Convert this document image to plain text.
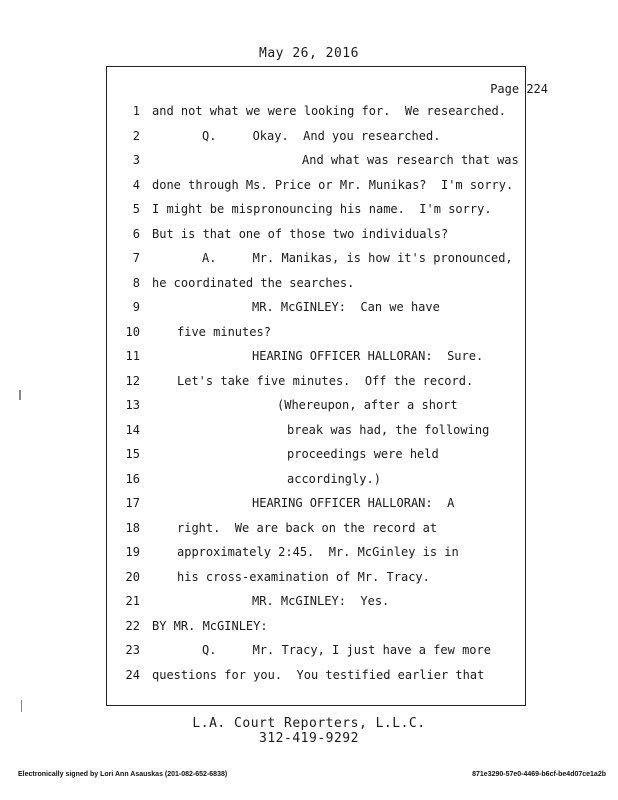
May 26, 2016
Page 224
1 and not what we were looking for.  We researched.
2	Q.     Okay.  And you researched.
3	And what was research that was
4 done through Ms. Price or Mr. Munikas?  I'm sorry.
5 I might be mispronouncing his name.  I'm sorry.
6 But is that one of those two individuals?
7	A.     Mr. Manikas, is how it's pronounced,
8 he coordinated the searches.
9	MR. McGINLEY:  Can we have
10	five minutes?
11	HEARING OFFICER HALLORAN:  Sure.
12	Let's take five minutes.  Off the record.
13	(Whereupon, after a short
14	break was had, the following
15	proceedings were held
16	accordingly.)
17	HEARING OFFICER HALLORAN:  A
18	right.  We are back on the record at
19	approximately 2:45.  Mr. McGinley is in
20	his cross-examination of Mr. Tracy.
21	MR. McGINLEY:  Yes.
22 BY MR. McGINLEY:
23	Q.     Mr. Tracy, I just have a few more
24 questions for you.  You testified earlier that
L.A. Court Reporters, L.L.C.
312-419-9292
Electronically signed by Lori Ann Asauskas (201-082-652-6838)	871e3290-57e0-4469-b6cf-be4d07ce1a2b
